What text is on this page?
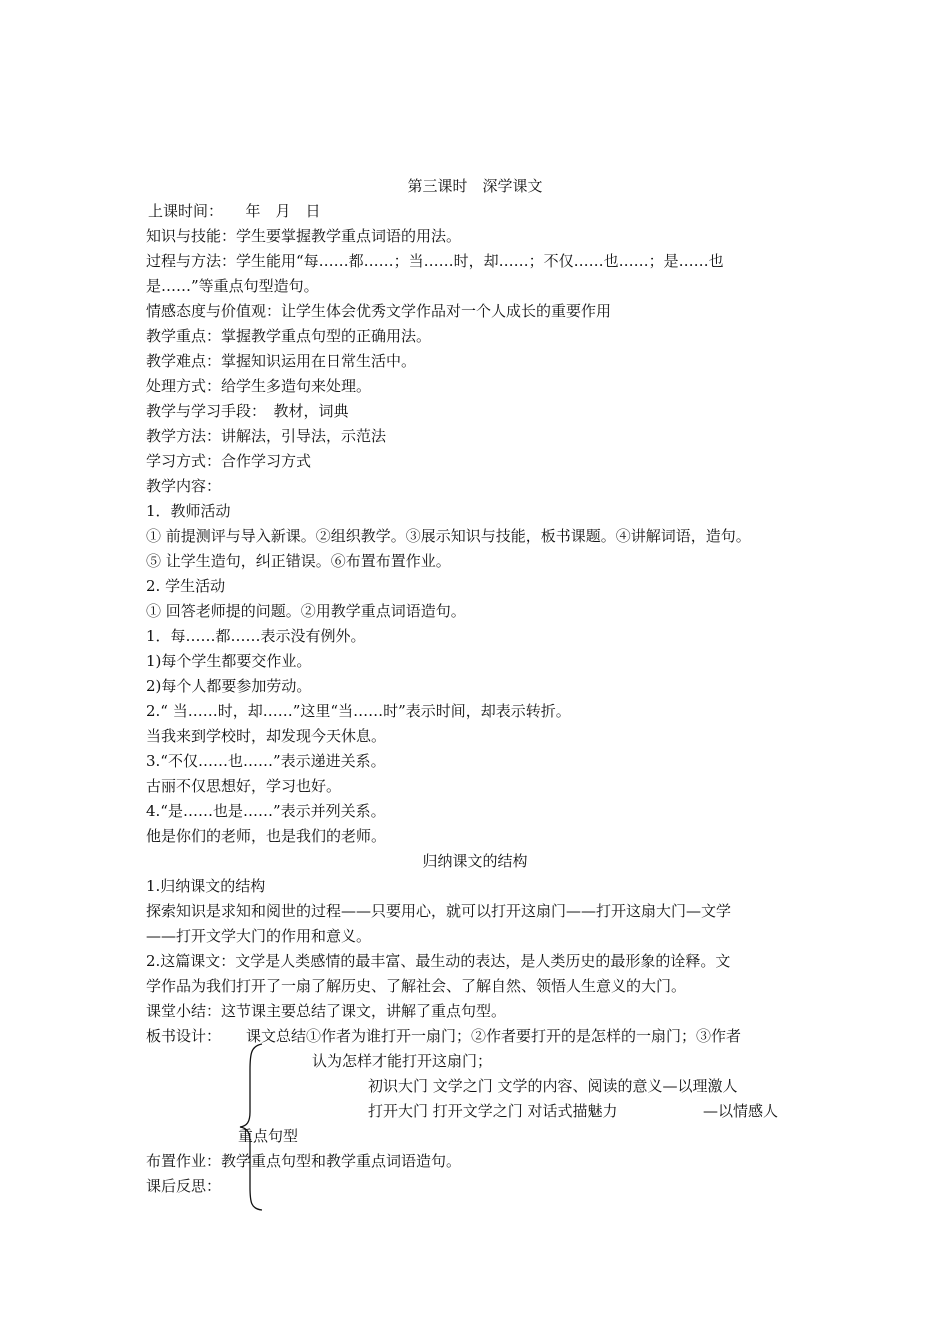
第三课时　深学课文
上课时间：　　年　月　日
知识与技能：学生要掌握教学重点词语的用法。
过程与方法：学生能用“每……都……；当……时，却……；不仅……也……；是……也
是……”等重点句型造句。
情感态度与价值观：让学生体会优秀文学作品对一个人成长的重要作用
教学重点：掌握教学重点句型的正确用法。
教学难点：掌握知识运用在日常生活中。
处理方式：给学生多造句来处理。
教学与学习手段：　教材，词典
教学方法：讲解法，引导法，示范法
学习方式：合作学习方式
教学内容：
1．教师活动
① 前提测评与导入新课。②组织教学。③展示知识与技能，板书课题。④讲解词语，造句。
⑤ 让学生造句，纠正错误。⑥布置布置作业。
2. 学生活动
① 回答老师提的问题。②用教学重点词语造句。
1．每……都……表示没有例外。
1)每个学生都要交作业。
2)每个人都要参加劳动。
2.“ 当……时，却……”这里“当……时”表示时间，却表示转折。
当我来到学校时，却发现今天休息。
3.“不仅……也……”表示递进关系。
古丽不仅思想好，学习也好。
4.“是……也是……”表示并列关系。
他是你们的老师，也是我们的老师。
归纳课文的结构
1.归纳课文的结构
探索知识是求知和阅世的过程——只要用心，就可以打开这扇门——打开这扇大门—文学
——打开文学大门的作用和意义。
2.这篇课文：文学是人类感情的最丰富、最生动的表达，是人类历史的最形象的诠释。文
学作品为我们打开了一扇了解历史、了解社会、了解自然、领悟人生意义的大门。
课堂小结：这节课主要总结了课文，讲解了重点句型。
板书设计： 课文总结①作者为谁打开一扇门；②作者要打开的是怎样的一扇门；③作者
认为怎样才能打开这扇门；
初识大门 文学之门 文学的内容、阅读的意义—以理激人
打开大门 打开文学之门 对话式描魅力	—以情感人
重点句型
布置作业：教学重点句型和教学重点词语造句。
课后反思：
